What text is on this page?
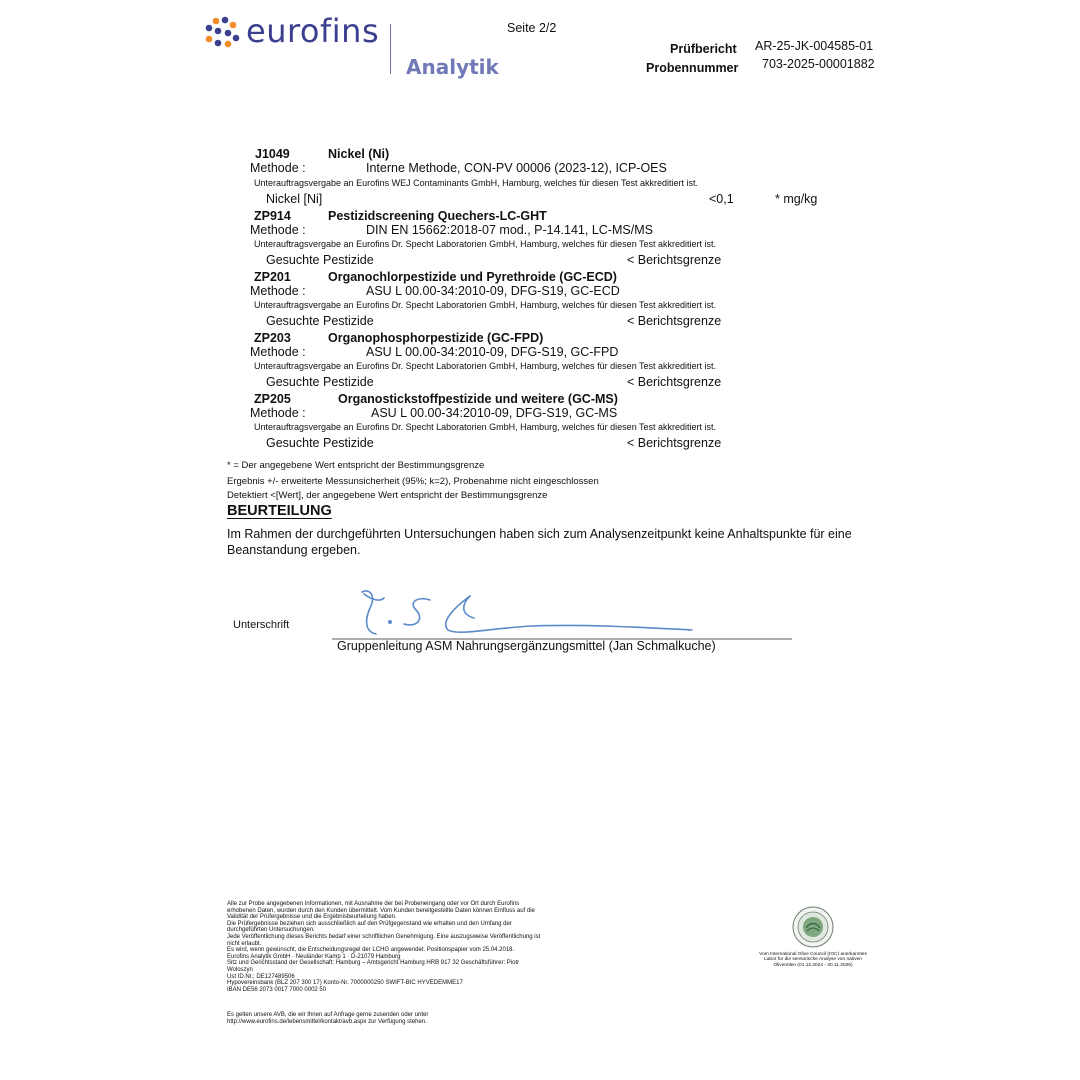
eurofins
Analytik
Seite 2/2
Prüfbericht AR-25-JK-004585-01
Probennummer 703-2025-00001882
J1049	Nickel (Ni)
Methode :	Interne Methode, CON-PV 00006 (2023-12), ICP-OES
Unterauftragsvergabe an Eurofins WEJ Contaminants GmbH, Hamburg, welches für diesen Test akkreditiert ist.
Nickel [Ni]	<0,1	* mg/kg
ZP914	Pestizidscreening Quechers-LC-GHT
Methode :	DIN EN 15662:2018-07 mod., P-14.141, LC-MS/MS
Unterauftragsvergabe an Eurofins Dr. Specht Laboratorien GmbH, Hamburg, welches für diesen Test akkreditiert ist.
Gesuchte Pestizide	< Berichtsgrenze
ZP201	Organochlorpestizide und Pyrethroide (GC-ECD)
Methode :	ASU L 00.00-34:2010-09, DFG-S19, GC-ECD
Unterauftragsvergabe an Eurofins Dr. Specht Laboratorien GmbH, Hamburg, welches für diesen Test akkreditiert ist.
Gesuchte Pestizide	< Berichtsgrenze
ZP203	Organophosphorpestizide (GC-FPD)
Methode :	ASU L 00.00-34:2010-09, DFG-S19, GC-FPD
Unterauftragsvergabe an Eurofins Dr. Specht Laboratorien GmbH, Hamburg, welches für diesen Test akkreditiert ist.
Gesuchte Pestizide	< Berichtsgrenze
ZP205	Organostickstoffpestizide und weitere (GC-MS)
Methode :	ASU L 00.00-34:2010-09, DFG-S19, GC-MS
Unterauftragsvergabe an Eurofins Dr. Specht Laboratorien GmbH, Hamburg, welches für diesen Test akkreditiert ist.
Gesuchte Pestizide	< Berichtsgrenze
* = Der angegebene Wert entspricht der Bestimmungsgrenze
Ergebnis +/- erweiterte Messunsicherheit (95%; k=2), Probenahme nicht eingeschlossen
Detektiert <[Wert], der angegebene Wert entspricht der Bestimmungsgrenze
BEURTEILUNG
Im Rahmen der durchgeführten Untersuchungen haben sich zum Analysenzeitpunkt keine Anhaltspunkte für eine Beanstandung ergeben.
Unterschrift
Gruppenleitung ASM Nahrungsergänzungsmittel (Jan Schmalkuche)
Alle zur Probe angegebenen Informationen, mit Ausnahme der bei Probeneingang oder vor Ort durch Eurofins
erhobenen Daten, wurden durch den Kunden übermittelt. Vom Kunden bereitgestellte Daten können Einfluss auf die
Validität der Prüfergebnisse und die Ergebnisbeurteilung haben.
Die Prüfergebnisse beziehen sich ausschließlich auf den Prüfgegenstand wie erhalten und den Umfang der
durchgeführten Untersuchungen.
Jede Veröffentlichung dieses Berichts bedarf einer schriftlichen Genehmigung. Eine auszugsweise Veröffentlichung ist
nicht erlaubt.
Es wird, wenn gewünscht, die Entscheidungsregel der LCHG angewendet. Positionspapier vom 25.04.2018.
Eurofins Analytik GmbH · Neuländer Kamp 1 · D-21079 Hamburg
Sitz und Gerichtsstand der Gesellschaft: Hamburg – Amtsgericht Hamburg HRB 917 32 Geschäftsführer: Piotr
Woloszyn
Ust ID.Nr.: DE127489506
Hypovereinsbank (BLZ 207 300 17) Konto-Nr. 7000000250 SWIFT-BIC HYVEDEMME17
IBAN DE56 2073 0017 7000 0002 50
Es gelten unsere AVB, die wir Ihnen auf Anfrage gerne zusenden oder unter
http://www.eurofins.de/lebensmittel/kontakt/avb.aspx zur Verfügung stehen.
Vom International Olive Council (IOC) anerkanntes
Labor für die sensorische Analyse von nativen
Olivenölen (01.12.2024 - 30.11.2025)
